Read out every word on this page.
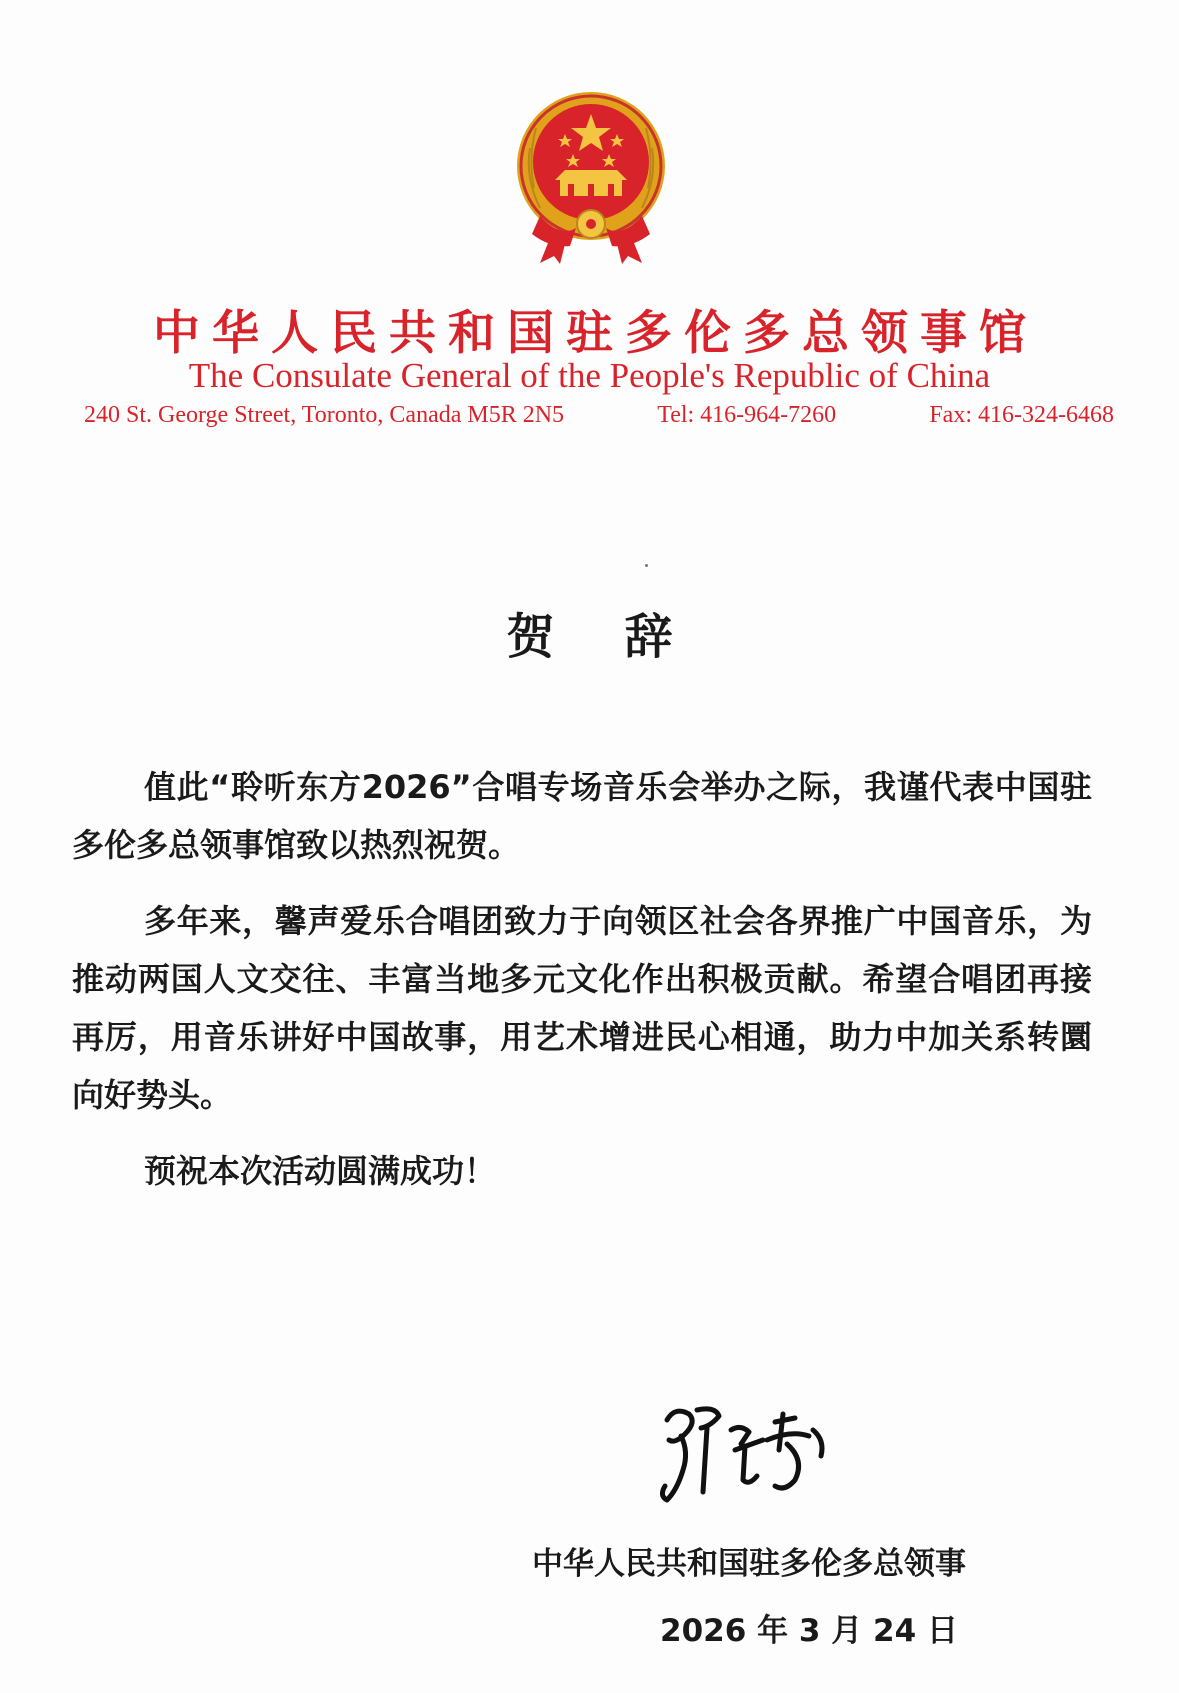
中华人民共和国驻多伦多总领事馆
The Consulate General of the People's Republic of China
240 St. George Street, Toronto, Canada M5R 2N5	Tel: 416-964-7260	Fax: 416-324-6468
贺 辞

值此“聆听东方2026”合唱专场音乐会举办之际，我谨代表中国驻多伦多总领事馆致以热烈祝贺。

多年来，馨声爱乐合唱团致力于向领区社会各界推广中国音乐，为推动两国人文交往、丰富当地多元文化作出积极贡献。希望合唱团再接再厉，用音乐讲好中国故事，用艺术增进民心相通，助力中加关系转圜向好势头。

预祝本次活动圆满成功！

中华人民共和国驻多伦多总领事
2026 年 3 月 24 日
